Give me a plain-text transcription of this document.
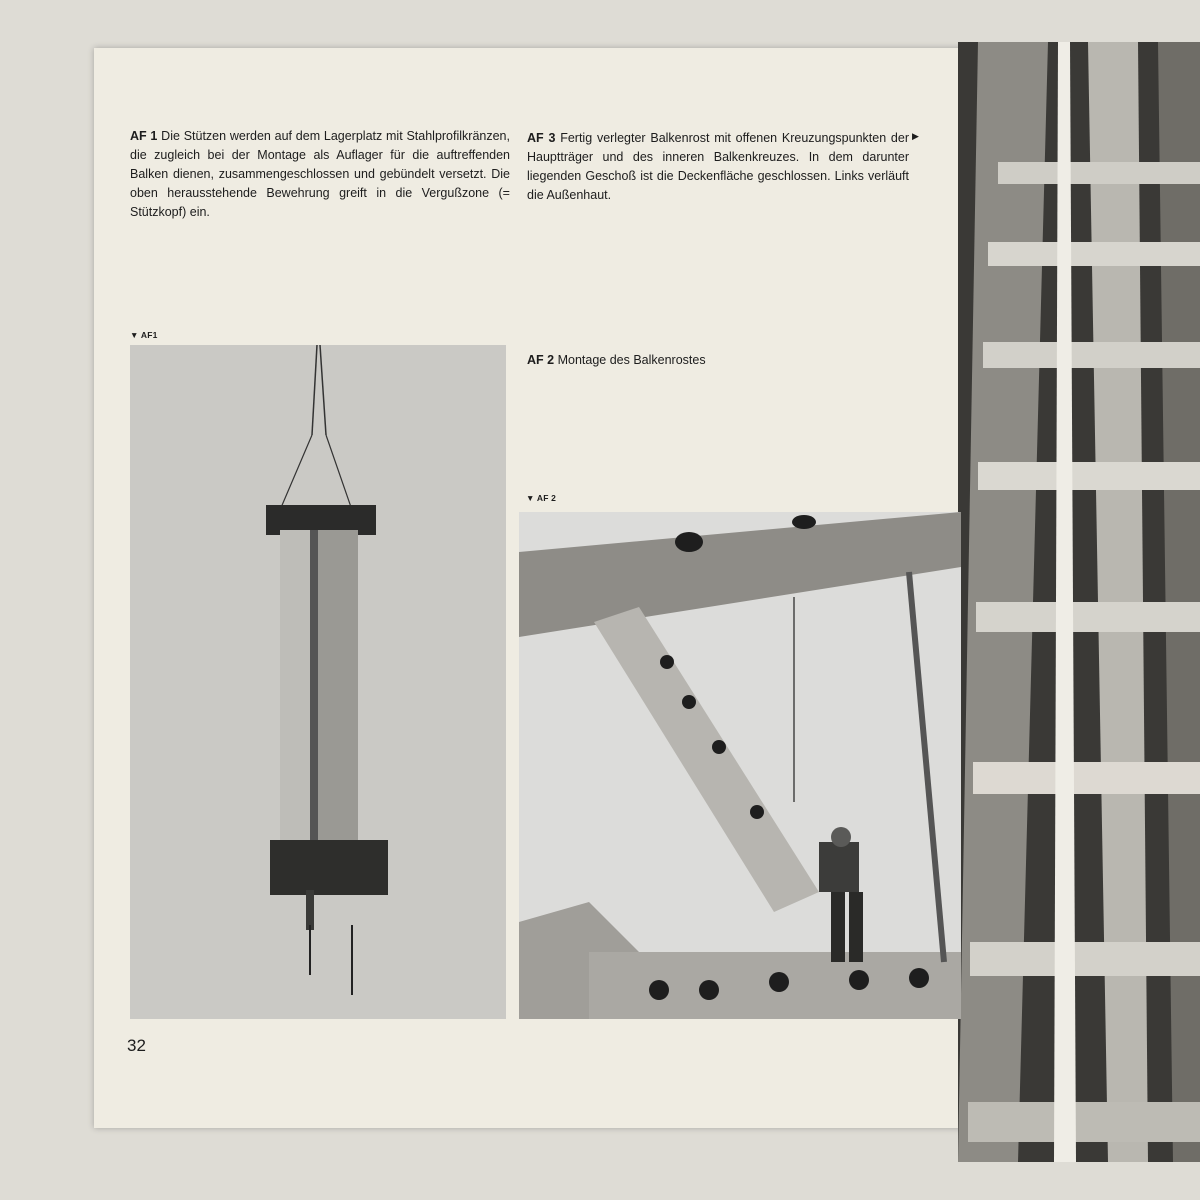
AF 1 Die Stützen werden auf dem Lagerplatz mit Stahlprofilkränzen, die zugleich bei der Montage als Auflager für die auftreffenden Balken dienen, zusammengeschlossen und gebündelt versetzt. Die oben herausstehende Bewehrung greift in die Vergußzone (= Stützkopf) ein.
AF 3 Fertig verlegter Balkenrost mit offenen Kreuzungspunkten der Hauptträger und des inneren Balkenkreuzes. In dem darunter liegenden Geschoß ist die Deckenfläche geschlossen. Links verläuft die Außenhaut.
▶
▼ AF1
AF 2 Montage des Balkenrostes
▼ AF 2
32
